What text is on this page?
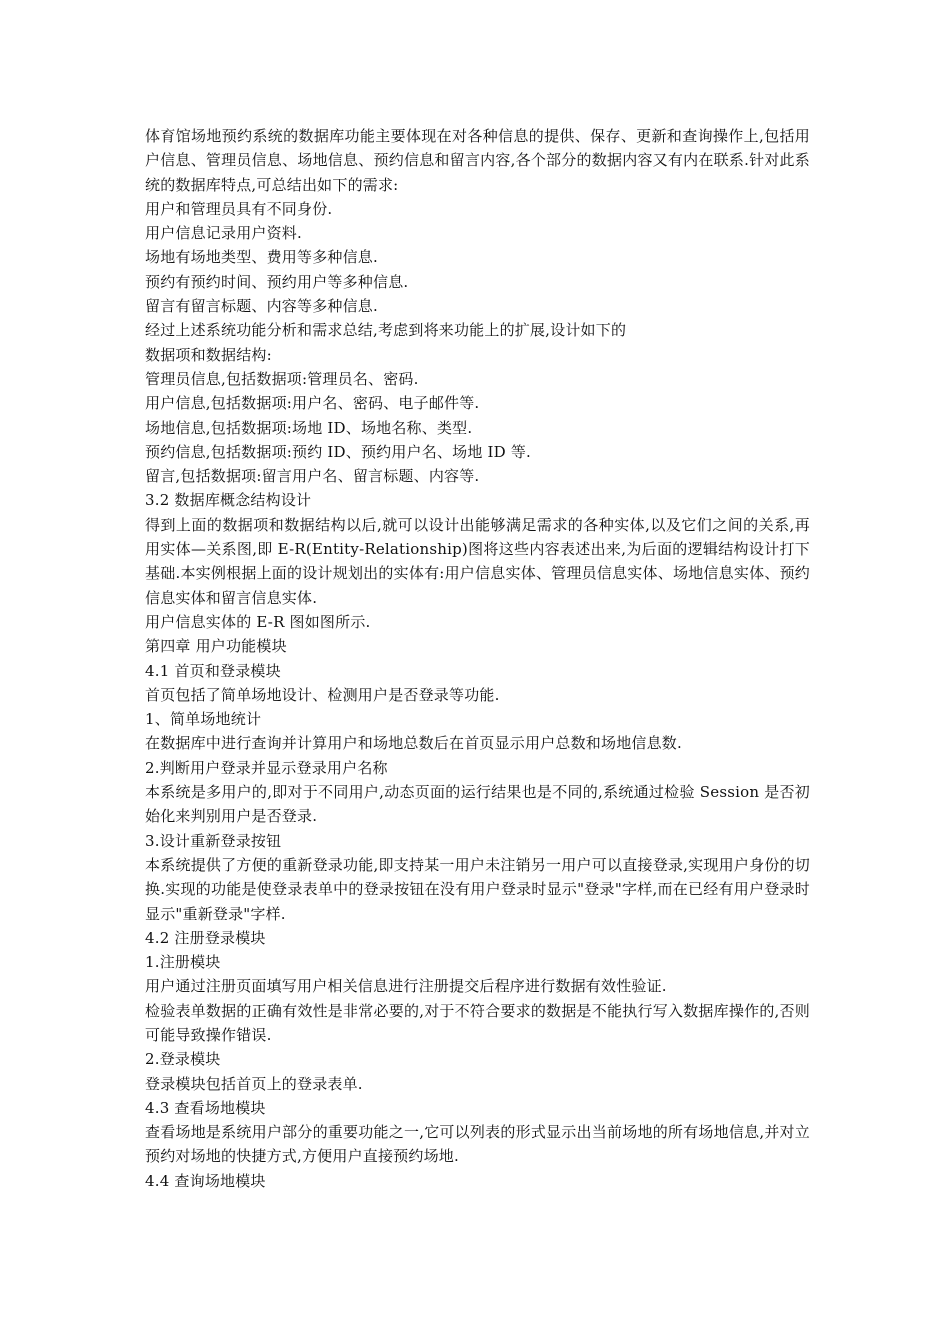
体育馆场地预约系统的数据库功能主要体现在对各种信息的提供、保存、更新和查询操作上,包括用户信息、管理员信息、场地信息、预约信息和留言内容,各个部分的数据内容又有内在联系.针对此系统的数据库特点,可总结出如下的需求:

用户和管理员具有不同身份.

用户信息记录用户资料.

场地有场地类型、费用等多种信息.

预约有预约时间、预约用户等多种信息.

留言有留言标题、内容等多种信息.

经过上述系统功能分析和需求总结,考虑到将来功能上的扩展,设计如下的

数据项和数据结构:

管理员信息,包括数据项:管理员名、密码.

用户信息,包括数据项:用户名、密码、电子邮件等.

场地信息,包括数据项:场地 ID、场地名称、类型.

预约信息,包括数据项:预约 ID、预约用户名、场地 ID 等.

留言,包括数据项:留言用户名、留言标题、内容等.

3.2 数据库概念结构设计

得到上面的数据项和数据结构以后,就可以设计出能够满足需求的各种实体,以及它们之间的关系,再用实体—关系图,即 E-R(Entity-Relationship)图将这些内容表述出来,为后面的逻辑结构设计打下基础.本实例根据上面的设计规划出的实体有:用户信息实体、管理员信息实体、场地信息实体、预约信息实体和留言信息实体.

用户信息实体的 E-R 图如图所示.

第四章 用户功能模块

4.1 首页和登录模块

首页包括了简单场地设计、检测用户是否登录等功能.

1、简单场地统计

在数据库中进行查询并计算用户和场地总数后在首页显示用户总数和场地信息数.

2.判断用户登录并显示登录用户名称

本系统是多用户的,即对于不同用户,动态页面的运行结果也是不同的,系统通过检验 Session 是否初始化来判别用户是否登录.

3.设计重新登录按钮

本系统提供了方便的重新登录功能,即支持某一用户未注销另一用户可以直接登录,实现用户身份的切换.实现的功能是使登录表单中的登录按钮在没有用户登录时显示"登录"字样,而在已经有用户登录时显示"重新登录"字样.

4.2 注册登录模块

1.注册模块

用户通过注册页面填写用户相关信息进行注册提交后程序进行数据有效性验证.

检验表单数据的正确有效性是非常必要的,对于不符合要求的数据是不能执行写入数据库操作的,否则可能导致操作错误.

2.登录模块

登录模块包括首页上的登录表单.

4.3 查看场地模块

查看场地是系统用户部分的重要功能之一,它可以列表的形式显示出当前场地的所有场地信息,并对立预约对场地的快捷方式,方便用户直接预约场地.

4.4 查询场地模块
